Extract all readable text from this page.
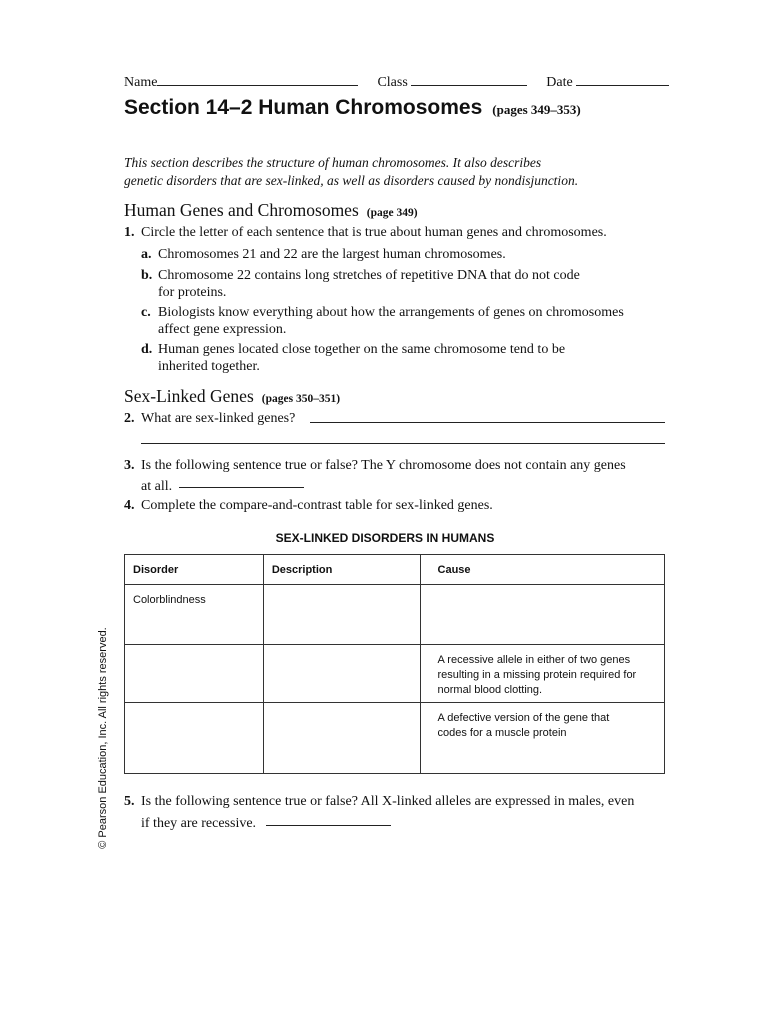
Name	Class	Date
Section 14–2 Human Chromosomes (pages 349–353)
This section describes the structure of human chromosomes. It also describes
genetic disorders that are sex-linked, as well as disorders caused by nondisjunction.
Human Genes and Chromosomes (page 349)
1. Circle the letter of each sentence that is true about human genes and chromosomes.
a. Chromosomes 21 and 22 are the largest human chromosomes.
b. Chromosome 22 contains long stretches of repetitive DNA that do not code
for proteins.
c. Biologists know everything about how the arrangements of genes on chromosomes
affect gene expression.
d. Human genes located close together on the same chromosome tend to be
inherited together.
Sex-Linked Genes (pages 350–351)
2. What are sex-linked genes?
3. Is the following sentence true or false? The Y chromosome does not contain any genes
at all.
4. Complete the compare-and-contrast table for sex-linked genes.
SEX-LINKED DISORDERS IN HUMANS
Disorder	Description	Cause
Colorblindness		
		A recessive allele in either of two genes resulting in a missing protein required for normal blood clotting.
		A defective version of the gene that codes for a muscle protein
5. Is the following sentence true or false? All X-linked alleles are expressed in males, even
if they are recessive.
© Pearson Education, Inc. All rights reserved.
